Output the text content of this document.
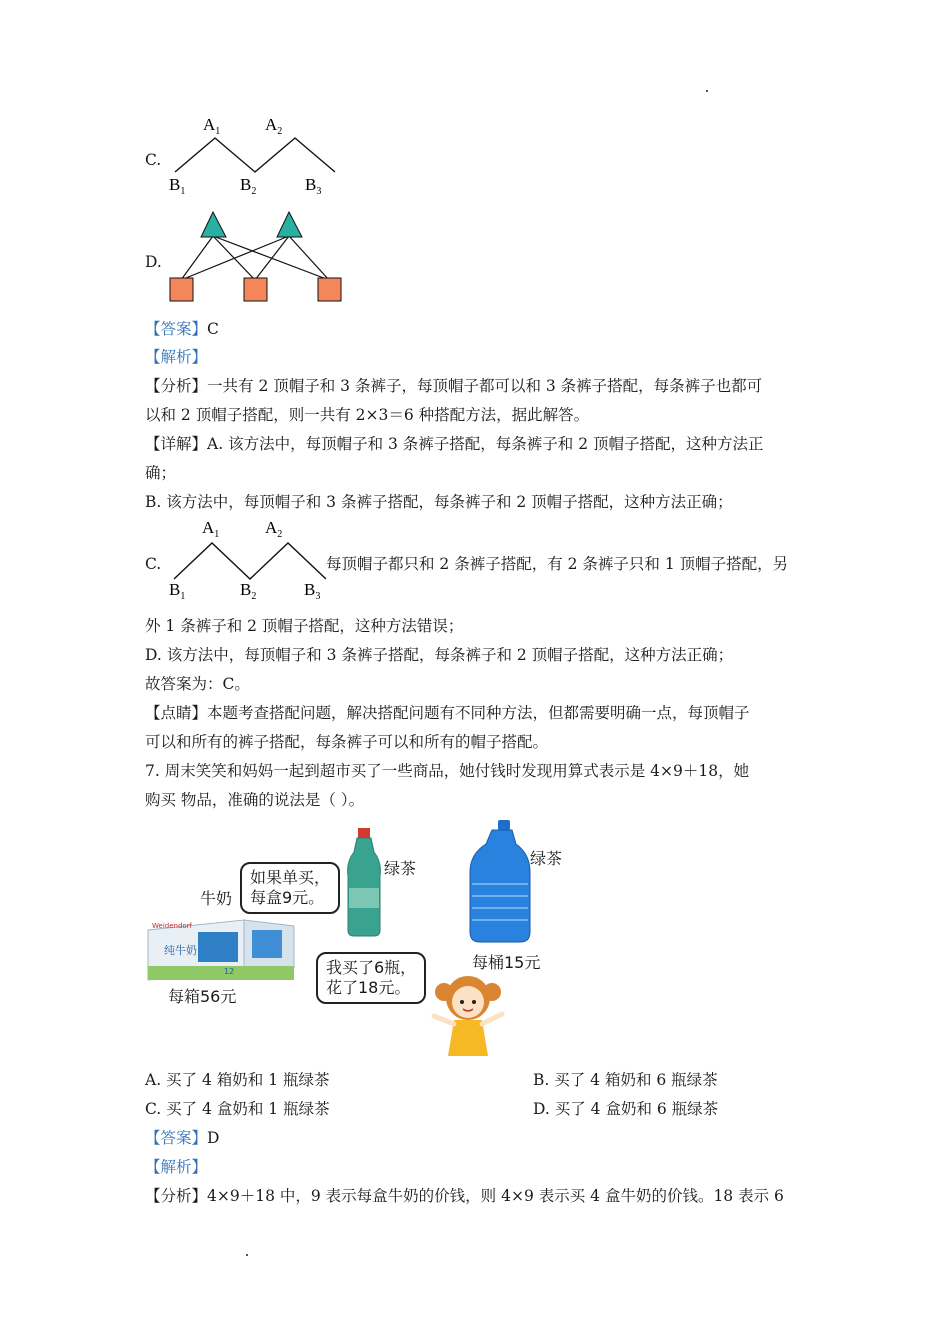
C.
$A_1$	$A_2$
$B_1$	$B_2$	$B_3$
D.
【答案】C
【解析】
【分析】一共有 2 顶帽子和 3 条裤子，每顶帽子都可以和 3 条裤子搭配，每条裤子也都可
以和 2 顶帽子搭配，则一共有 2×3＝6 种搭配方法，据此解答。
【详解】A. 该方法中，每顶帽子和 3 条裤子搭配，每条裤子和 2 顶帽子搭配，这种方法正
确；
B. 该方法中，每顶帽子和 3 条裤子搭配，每条裤子和 2 顶帽子搭配，这种方法正确；
C.
$A_1$	$A_2$
$B_1$	$B_2$	$B_3$
每顶帽子都只和 2 条裤子搭配，有 2 条裤子只和 1 顶帽子搭配，另
外 1 条裤子和 2 顶帽子搭配，这种方法错误；
D. 该方法中，每顶帽子和 3 条裤子搭配，每条裤子和 2 顶帽子搭配，这种方法正确；
故答案为：C。
【点睛】本题考查搭配问题，解决搭配问题有不同种方法，但都需要明确一点，每顶帽子
可以和所有的裤子搭配，每条裤子可以和所有的帽子搭配。
7. 周末笑笑和妈妈一起到超市买了一些商品，她付钱时发现用算式表示是 4×9＋18，她
购买 物品，准确的说法是（ ）。
牛奶
如果单买，
每盒9元。
Weidendorf
纯牛奶
12
每箱56元
绿茶
绿茶
每桶15元
我买了6瓶，
花了18元。
A. 买了 4 箱奶和 1 瓶绿茶	B. 买了 4 箱奶和 6 瓶绿茶
C. 买了 4 盒奶和 1 瓶绿茶	D. 买了 4 盒奶和 6 瓶绿茶
【答案】D
【解析】
【分析】4×9＋18 中，9 表示每盒牛奶的价钱，则 4×9 表示买 4 盒牛奶的价钱。18 表示 6
